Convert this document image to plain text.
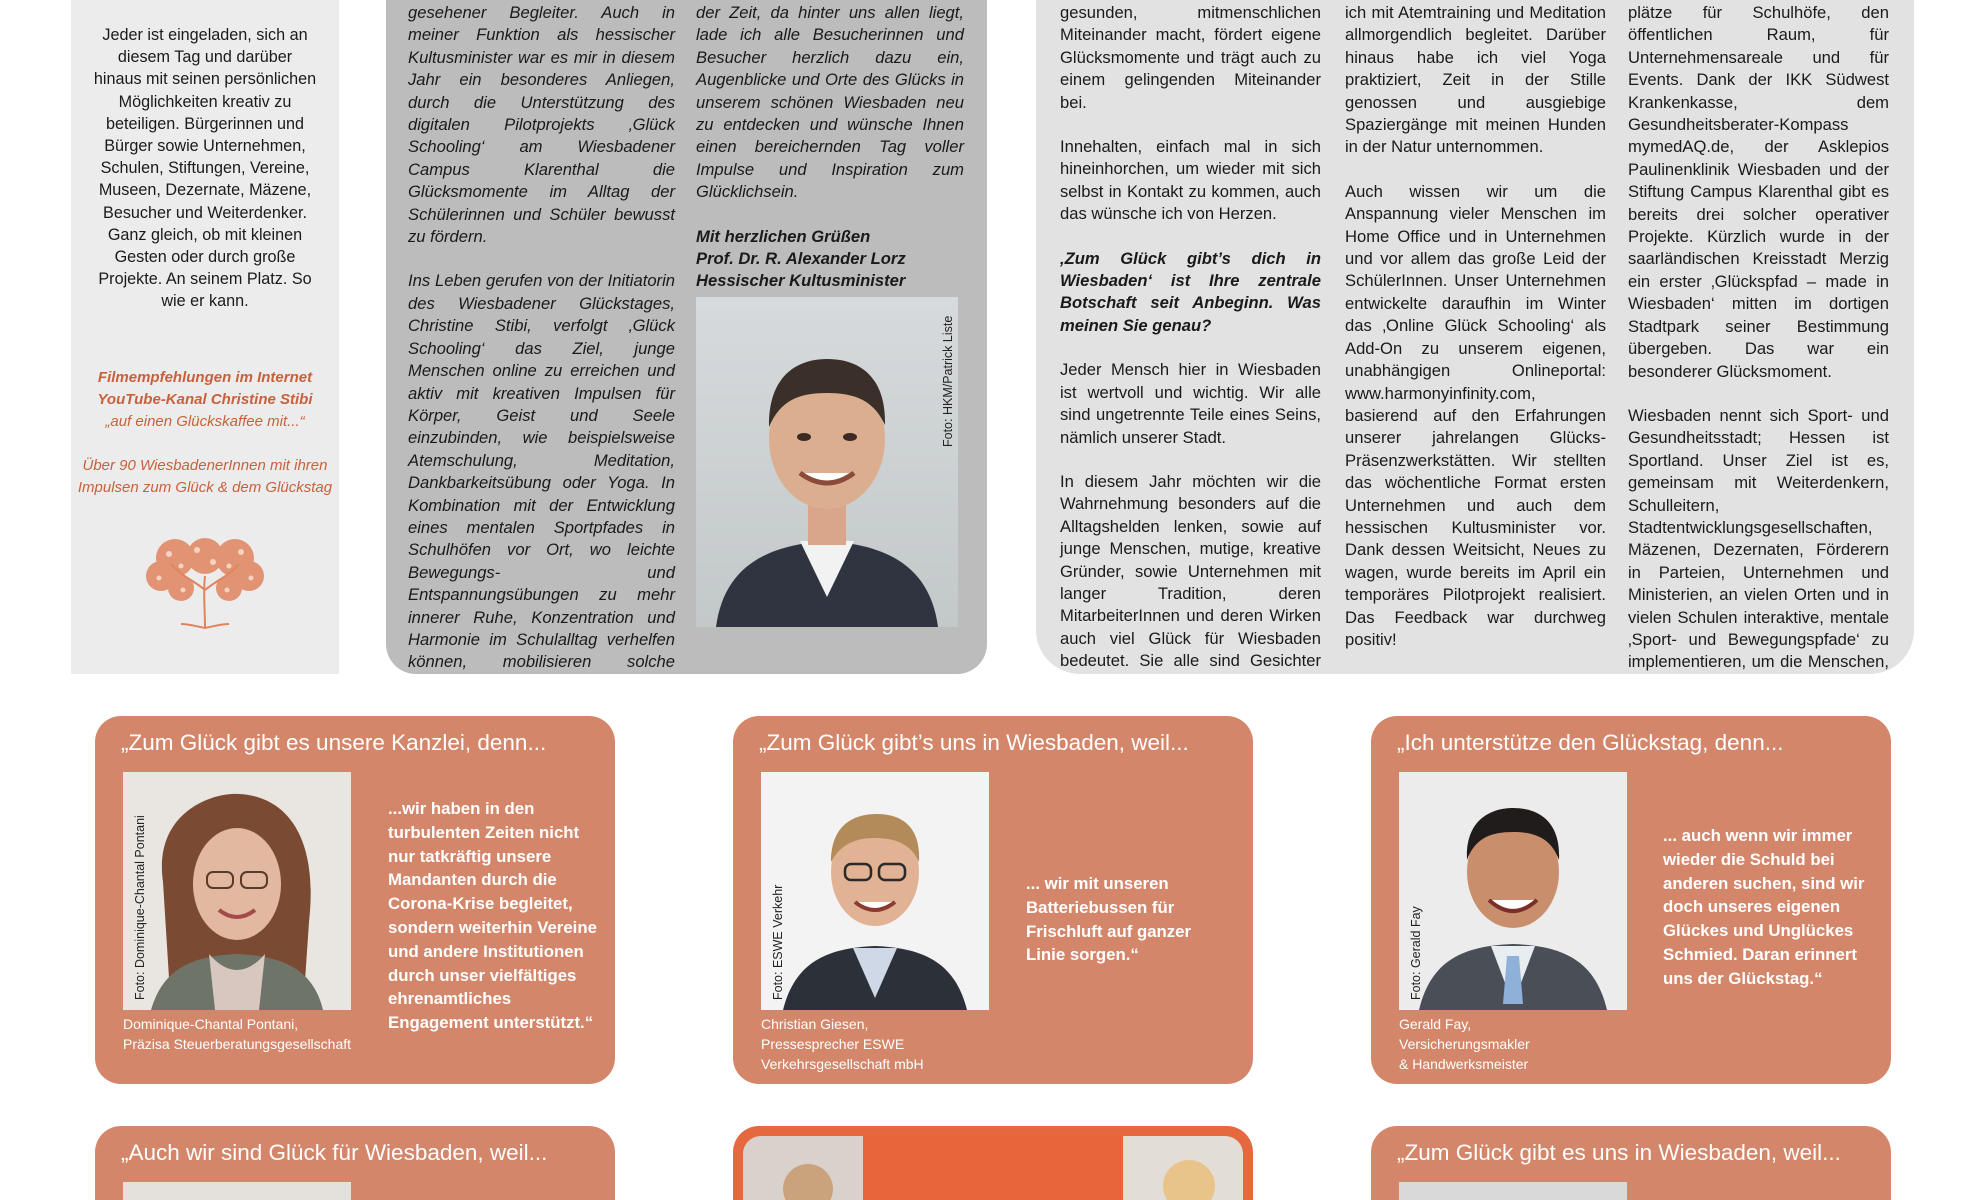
Jeder ist eingeladen, sich an diesem Tag und darüber hinaus mit seinen persönlichen Möglichkeiten kreativ zu beteiligen. Bürgerinnen und Bürger sowie Unternehmen, Schulen, Stiftungen, Vereine, Museen, Dezernate, Mäzene, Besucher und Weiterdenker. Ganz gleich, ob mit kleinen Gesten oder durch große Projekte. An seinem Platz. So wie er kann.

Filmempfehlungen im Internet
YouTube-Kanal Christine Stibi
„auf einen Glückskaffee mit...“

Über 90 WiesbadenerInnen mit ihren Impulsen zum Glück & dem Glückstag

gesehener Begleiter. Auch in meiner Funktion als hessischer Kultusminister war es mir in diesem Jahr ein besonderes Anliegen, durch die Unterstützung des digitalen Pilotprojekts ‚Glück Schooling‘ am Wiesbadener Campus Klarenthal die Glücksmomente im Alltag der Schülerinnen und Schüler bewusst zu fördern.

Ins Leben gerufen von der Initiatorin des Wiesbadener Glückstages, Christine Stibi, verfolgt ‚Glück Schooling‘ das Ziel, junge Menschen online zu erreichen und aktiv mit kreativen Impulsen für Körper, Geist und Seele einzubinden, wie beispielsweise Atemschulung, Meditation, Dankbarkeitsübung oder Yoga. In Kombination mit der Entwicklung eines mentalen Sportpfades in Schulhöfen vor Ort, wo leichte Bewegungs- und Entspannungsübungen zu mehr innerer Ruhe, Konzentration und Harmonie im Schulalltag verhelfen können, mobilisieren solche

der Zeit, da hinter uns allen liegt, lade ich alle Besucherinnen und Besucher herzlich dazu ein, Augenblicke und Orte des Glücks in unserem schönen Wiesbaden neu zu entdecken und wünsche Ihnen einen bereichernden Tag voller Impulse und Inspiration zum Glücklichsein.

Mit herzlichen Grüßen
Prof. Dr. R. Alexander Lorz
Hessischer Kultusminister
Foto: HKM/Patrick Liste

gesunden, mitmenschlichen Miteinander macht, fördert eigene Glücksmomente und trägt auch zu einem gelingenden Miteinander bei.

Innehalten, einfach mal in sich hineinhorchen, um wieder mit sich selbst in Kontakt zu kommen, auch das wünsche ich von Herzen.

‚Zum Glück gibt’s dich in Wiesbaden‘ ist Ihre zentrale Botschaft seit Anbeginn. Was meinen Sie genau?

Jeder Mensch hier in Wiesbaden ist wertvoll und wichtig. Wir alle sind ungetrennte Teile eines Seins, nämlich unserer Stadt.

In diesem Jahr möchten wir die Wahrnehmung besonders auf die Alltagshelden lenken, sowie auf junge Menschen, mutige, kreative Gründer, sowie Unternehmen mit langer Tradition, deren MitarbeiterInnen und deren Wirken auch viel Glück für Wiesbaden bedeutet. Sie alle sind Gesichter

ich mit Atemtraining und Meditation allmorgendlich begleitet. Darüber hinaus habe ich viel Yoga praktiziert, Zeit in der Stille genossen und ausgiebige Spaziergänge mit meinen Hunden in der Natur unternommen.

Auch wissen wir um die Anspannung vieler Menschen im Home Office und in Unternehmen und vor allem das große Leid der SchülerInnen. Unser Unternehmen entwickelte daraufhin im Winter das ‚Online Glück Schooling‘ als Add-On zu unserem eigenen, unabhängigen Onlineportal: www.harmonyinfinity.com, basierend auf den Erfahrungen unserer jahrelangen Glücks-Präsenzwerkstätten. Wir stellten das wöchentliche Format ersten Unternehmen und auch dem hessischen Kultusminister vor. Dank dessen Weitsicht, Neues zu wagen, wurde bereits im April ein temporäres Pilotprojekt realisiert. Das Feedback war durchweg positiv!

plätze für Schulhöfe, den öffentlichen Raum, für Unternehmensareale und für Events. Dank der IKK Südwest Krankenkasse, dem Gesundheitsberater-Kompass mymedAQ.de, der Asklepios Paulinenklinik Wiesbaden und der Stiftung Campus Klarenthal gibt es bereits drei solcher operativer Projekte. Kürzlich wurde in der saarländischen Kreisstadt Merzig ein erster ‚Glückspfad – made in Wiesbaden‘ mitten im dortigen Stadtpark seiner Bestimmung übergeben. Das war ein besonderer Glücksmoment.

Wiesbaden nennt sich Sport- und Gesundheitsstadt; Hessen ist Sportland. Unser Ziel ist es, gemeinsam mit Weiterdenkern, Schulleitern, Stadtentwicklungsgesellschaften, Mäzenen, Dezernaten, Förderern in Parteien, Unternehmen und Ministerien, an vielen Orten und in vielen Schulen interaktive, mentale ‚Sport- und Bewegungspfade‘ zu implementieren, um die Menschen,

„Zum Glück gibt es unsere Kanzlei, denn...
Foto: Dominique-Chantal Pontani
...wir haben in den turbulenten Zeiten nicht nur tatkräftig unsere Mandanten durch die Corona-Krise begleitet, sondern weiterhin Vereine und andere Institutionen durch unser vielfältiges ehrenamtliches Engagement unterstützt.“
Dominique-Chantal Pontani,
Präzisa Steuerberatungsgesellschaft
„Zum Glück gibt’s uns in Wiesbaden, weil...
Foto: ESWE Verkehr
... wir mit unseren Batteriebussen für Frischluft auf ganzer Linie sorgen.“
Christian Giesen,
Pressesprecher ESWE
Verkehrsgesellschaft mbH
„Ich unterstütze den Glückstag, denn...
Foto: Gerald Fay
... auch wenn wir immer wieder die Schuld bei anderen suchen, sind wir doch unseres eigenen Glückes und Unglückes Schmied. Daran erinnert uns der Glückstag.“
Gerald Fay,
Versicherungsmakler
& Handwerksmeister
„Auch wir sind Glück für Wiesbaden, weil...	„Zum Glück gibt es uns in Wiesbaden, weil...
